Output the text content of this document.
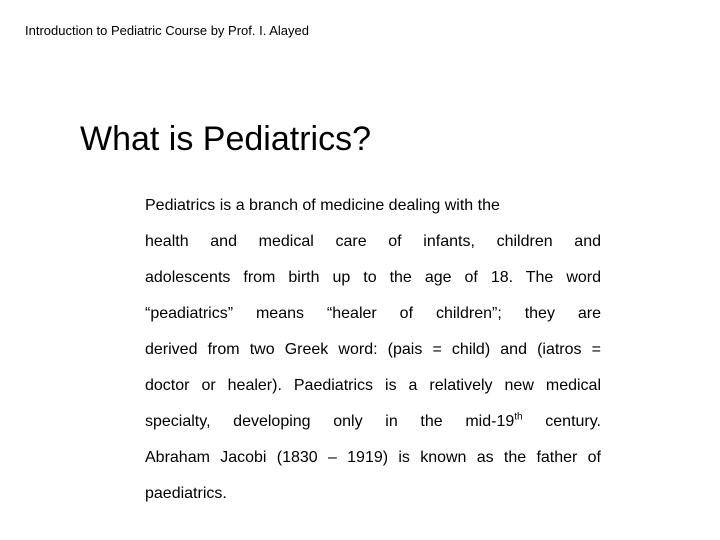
Introduction to Pediatric Course by Prof. I. Alayed
What is Pediatrics?
Pediatrics is a branch of medicine dealing with the
health and medical care of infants, children and
adolescents from birth up to the age of 18. The word
“peadiatrics” means “healer of children”; they are
derived from two Greek word: (pais = child) and (iatros =
doctor or healer). Paediatrics is a relatively new medical
specialty, developing only in the mid-19th century.
Abraham Jacobi (1830 – 1919) is known as the father of
paediatrics.
